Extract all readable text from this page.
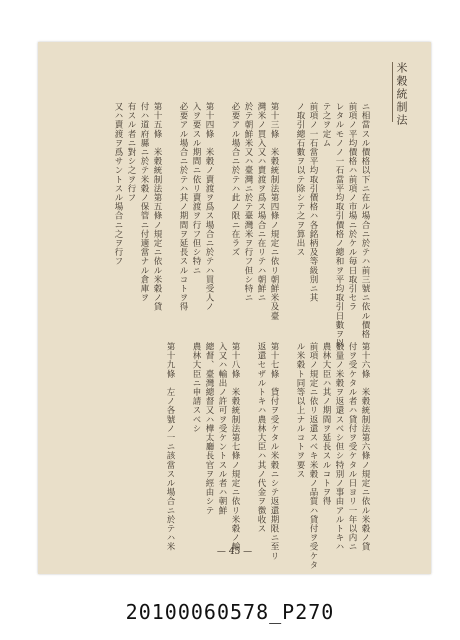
米穀統制法
ニ相當スル價格以下ニ在ル場合ニ於テハ前三號ニ依ル價格
前項ノ平均價格ハ前項ノ市場ニ於ケル毎日取引セラ
レタルモノノ一石當平均取引價格ノ總和ヲ平均取引日數ヲ以
テ之ヲ定ム
前項ノ一石當平均取引價格ハ各銘柄及等級別ニ其
ノ取引總石數ヲ以テ除シテ之ヲ算出ス

第十三條　米穀統制法第四條ノ規定ニ依リ朝鮮米及臺
灣米ノ買入又ハ賣渡ヲ爲ス場合ニ在リテハ朝鮮ニ
於テ朝鮮米又ハ臺灣ニ於テ臺灣米ヲ行フ但シ特ニ
必要アル場合ニ於テハ此ノ限ニ在ラズ

第十四條　米穀ノ賣渡ヲ爲ス場合ニ於テハ買受人ノ
入ヲ要スル期間ニ依リ賣渡ヲ行フ但シ特ニ
必要アル場合ニ於テハ其ノ期間ヲ延長スルコトヲ得

第十五條　米穀統制法第五條ノ規定ニ依ル米穀ノ貸
付ハ道府縣ニ於テ米穀ノ保管ニ付適當ナル倉庫ヲ
有スル者ニ對シ之ヲ行フ
又ハ賣渡ヲ爲サントスル場合ニ之ヲ行フ
第十六條　米穀統制法第六條ノ規定ニ依ル米穀ノ貸
付ヲ受ケタル者ハ貸付ヲ受ケタル日ヨリ一年以内ニ
數量ノ米穀ヲ返還スベシ但シ特別ノ事由アルトキハ
農林大臣ハ其ノ期間ヲ延長スルコトヲ得
前項ノ規定ニ依リ返還スベキ米穀ノ品質ハ貸付ヲ受ケタ
ル米穀ト同等以上ナルコトヲ要ス

第十七條　貸付ヲ受ケタル米穀ニシテ返還期限ニ至リ
返還セザルトキハ農林大臣ハ其ノ代金ヲ徴收ス

第十八條　米穀統制法第七條ノ規定ニ依リ米穀ノ輸
入又ハ輸出ノ許可ヲ受ケントスル者ハ朝鮮
總督、臺灣總督又ハ樺太廳長官ヲ經由シテ
農林大臣ニ申請スベシ

第十九條　左ノ各號ノ一ニ該當スル場合ニ於テハ米
— 45 —
20100060578_P270
